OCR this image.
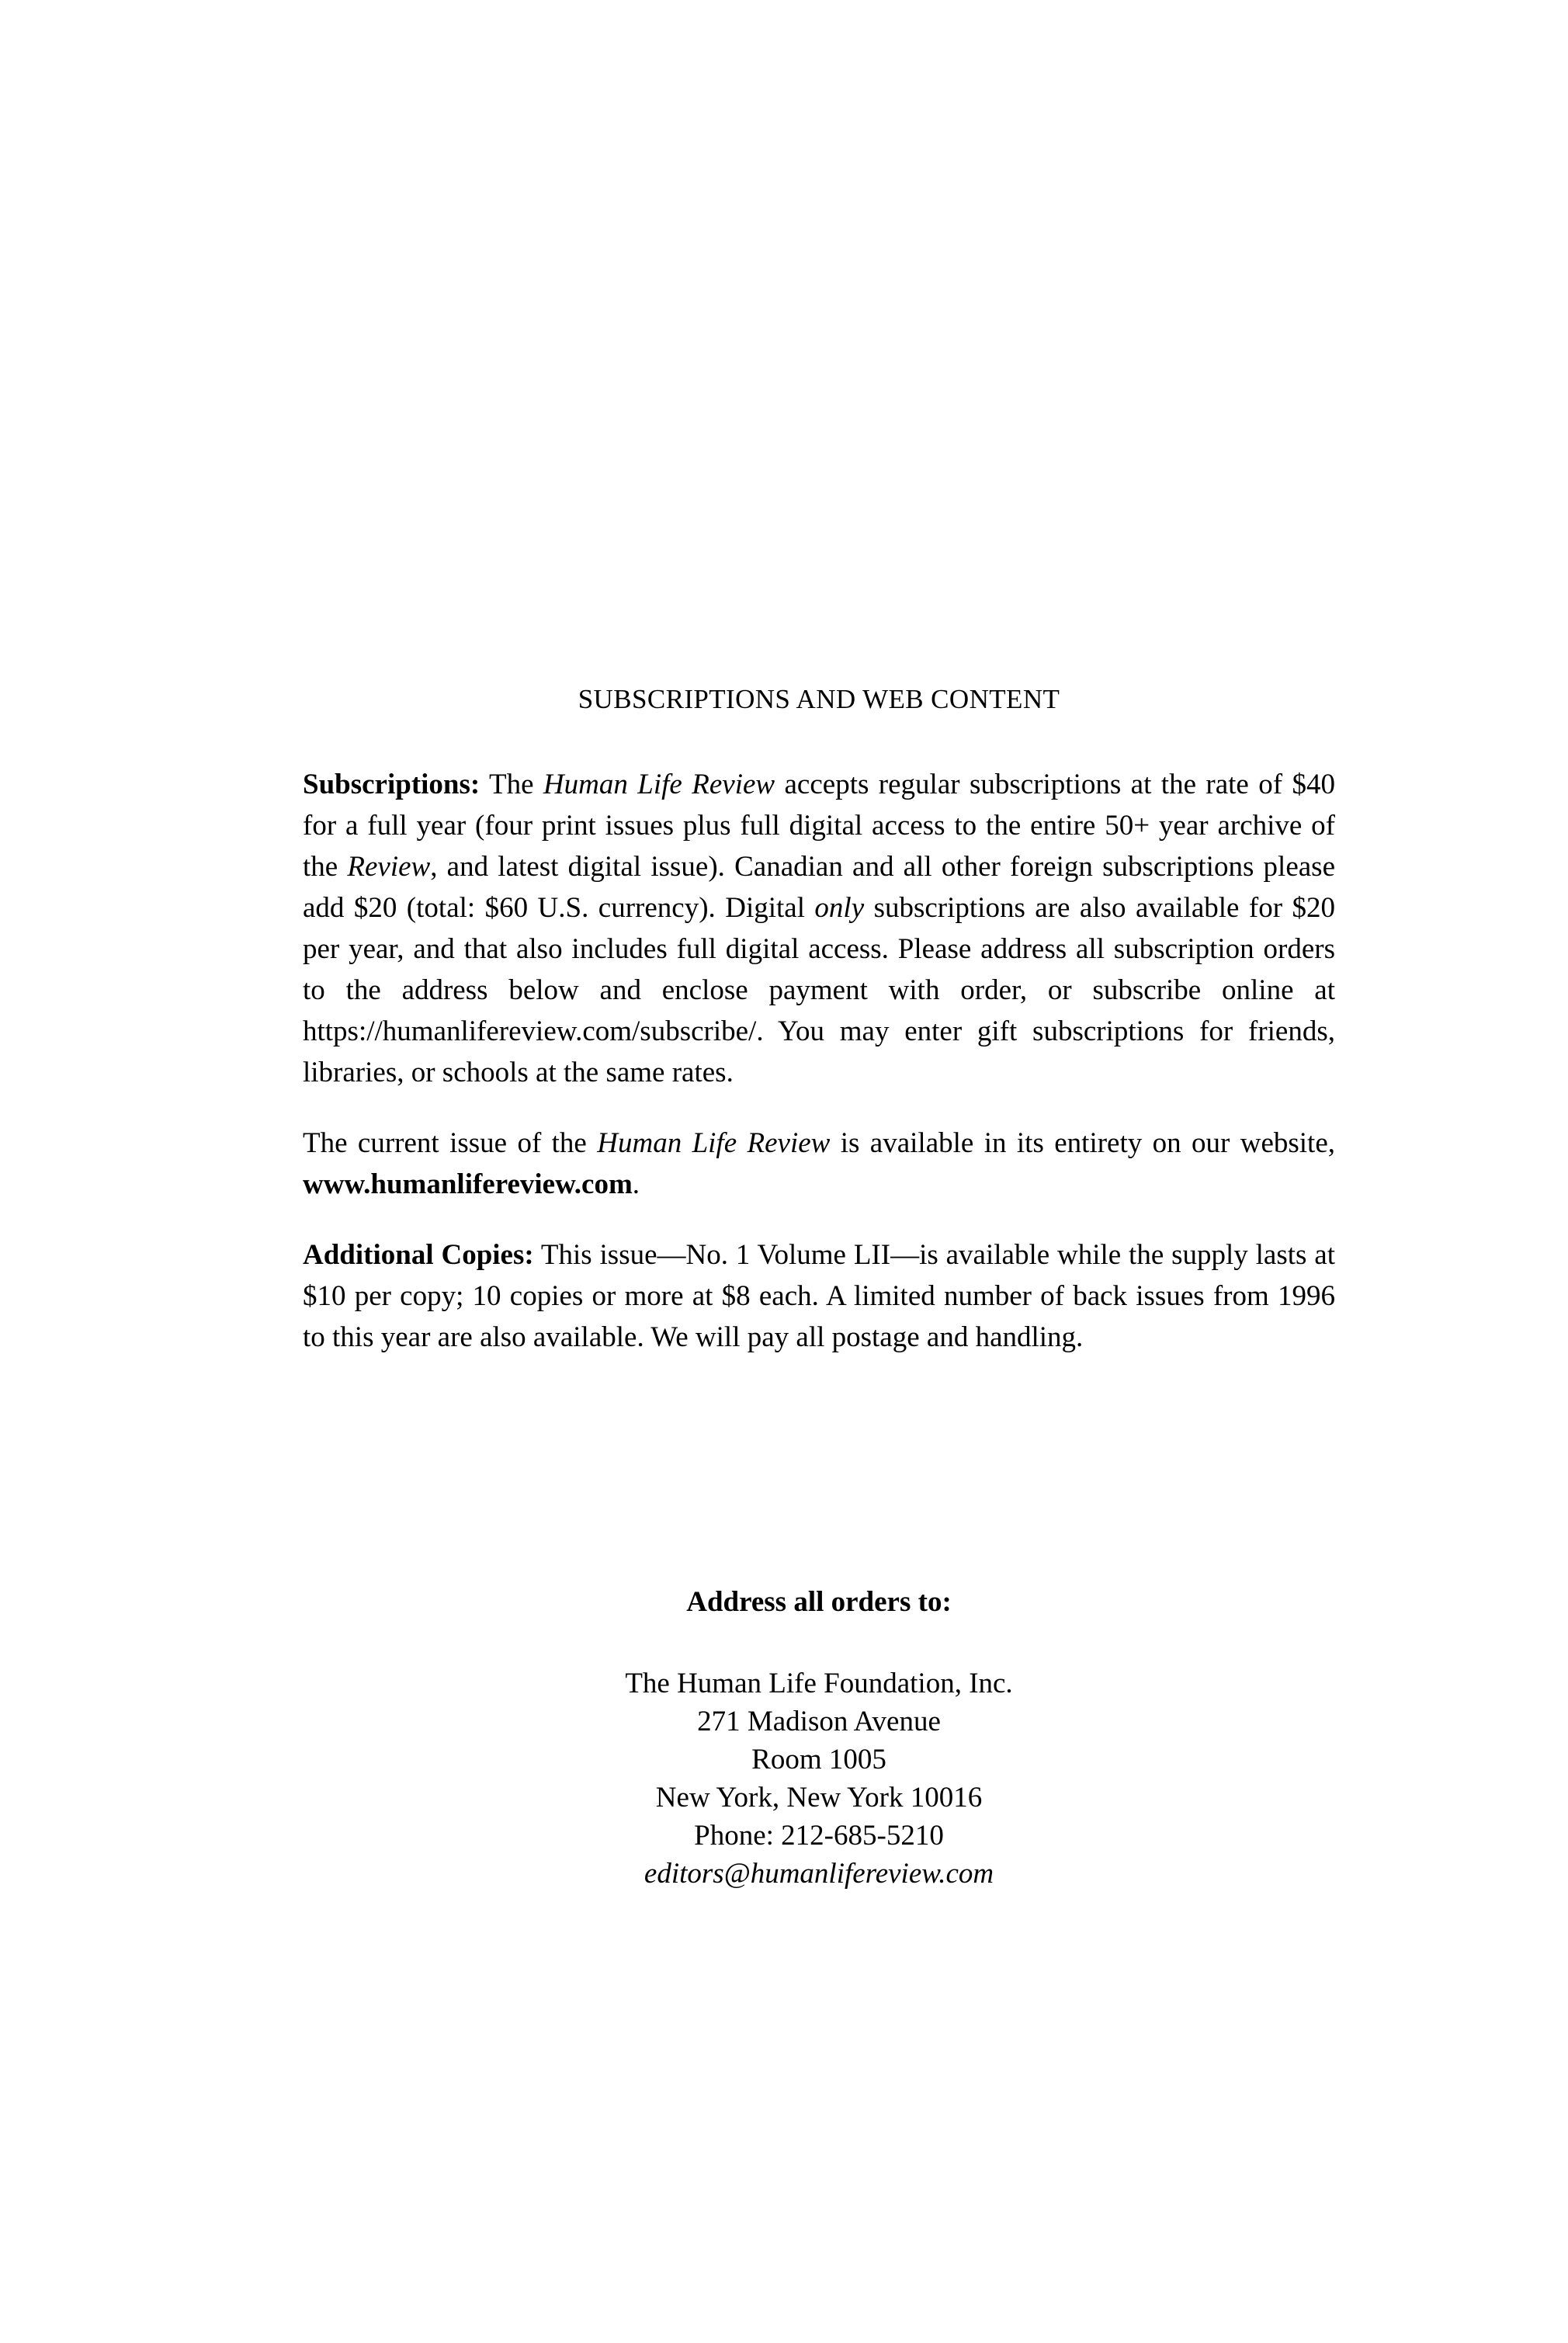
SUBSCRIPTIONS AND WEB CONTENT

Subscriptions: The Human Life Review accepts regular subscriptions at the rate of $40 for a full year (four print issues plus full digital access to the entire 50+ year archive of the Review, and latest digital issue). Canadian and all other foreign subscriptions please add $20 (total: $60 U.S. currency). Digital only subscriptions are also available for $20 per year, and that also includes full digital access. Please address all subscription orders to the address below and enclose payment with order, or subscribe online at https://humanlifereview.com/subscribe/. You may enter gift subscriptions for friends, libraries, or schools at the same rates.

The current issue of the Human Life Review is available in its entirety on our website, www.humanlifereview.com.

Additional Copies: This issue—No. 1 Volume LII—is available while the supply lasts at $10 per copy; 10 copies or more at $8 each. A limited number of back issues from 1996 to this year are also available. We will pay all postage and handling.

Address all orders to:
The Human Life Foundation, Inc.
271 Madison Avenue
Room 1005
New York, New York 10016
Phone: 212-685-5210
editors@humanlifereview.com
